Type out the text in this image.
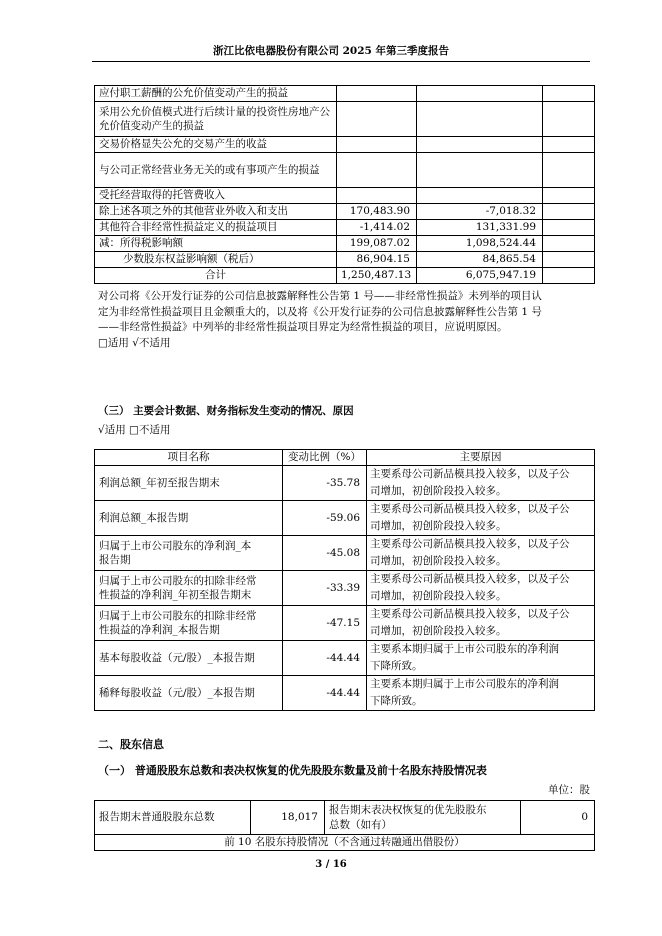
浙江比依电器股份有限公司 2025 年第三季度报告
应付职工薪酬的公允价值变动产生的损益			
采用公允价值模式进行后续计量的投资性房地产公允价值变动产生的损益			
交易价格显失公允的交易产生的收益			
与公司正常经营业务无关的或有事项产生的损益			
受托经营取得的托管费收入			
除上述各项之外的其他营业外收入和支出	170,483.90	-7,018.32	
其他符合非经常性损益定义的损益项目	-1,414.02	131,331.99	
减：所得税影响额	199,087.02	1,098,524.44	
少数股东权益影响额（税后）	86,904.15	84,865.54	
合计	1,250,487.13	6,075,947.19	

对公司将《公开发行证券的公司信息披露解释性公告第 1 号——非经常性损益》未列举的项目认

定为非经常性损益项目且金额重大的，以及将《公开发行证券的公司信息披露解释性公告第 1 号

——非经常性损益》中列举的非经常性损益项目界定为经常性损益的项目，应说明原因。

□适用 √不适用
（三） 主要会计数据、财务指标发生变动的情况、原因
√适用 □不适用
项目名称	变动比例（%）	主要原因
利润总额_年初至报告期末	-35.78	主要系母公司新品模具投入较多，以及子公
司增加，初创阶段投入较多。
利润总额_本报告期	-59.06	主要系母公司新品模具投入较多，以及子公
司增加，初创阶段投入较多。
归属于上市公司股东的净利润_本
报告期	-45.08	主要系母公司新品模具投入较多，以及子公
司增加，初创阶段投入较多。
归属于上市公司股东的扣除非经常
性损益的净利润_年初至报告期末	-33.39	主要系母公司新品模具投入较多，以及子公
司增加，初创阶段投入较多。
归属于上市公司股东的扣除非经常
性损益的净利润_本报告期	-47.15	主要系母公司新品模具投入较多，以及子公
司增加，初创阶段投入较多。
基本每股收益（元/股）_本报告期	-44.44	主要系本期归属于上市公司股东的净利润
下降所致。
稀释每股收益（元/股）_本报告期	-44.44	主要系本期归属于上市公司股东的净利润
下降所致。
二、股东信息
（一） 普通股股东总数和表决权恢复的优先股股东数量及前十名股东持股情况表
单位：股
报告期末普通股股东总数	18,017	报告期末表决权恢复的优先股股东
总数（如有）	0
前 10 名股东持股情况（不含通过转融通出借股份）
3 / 16
